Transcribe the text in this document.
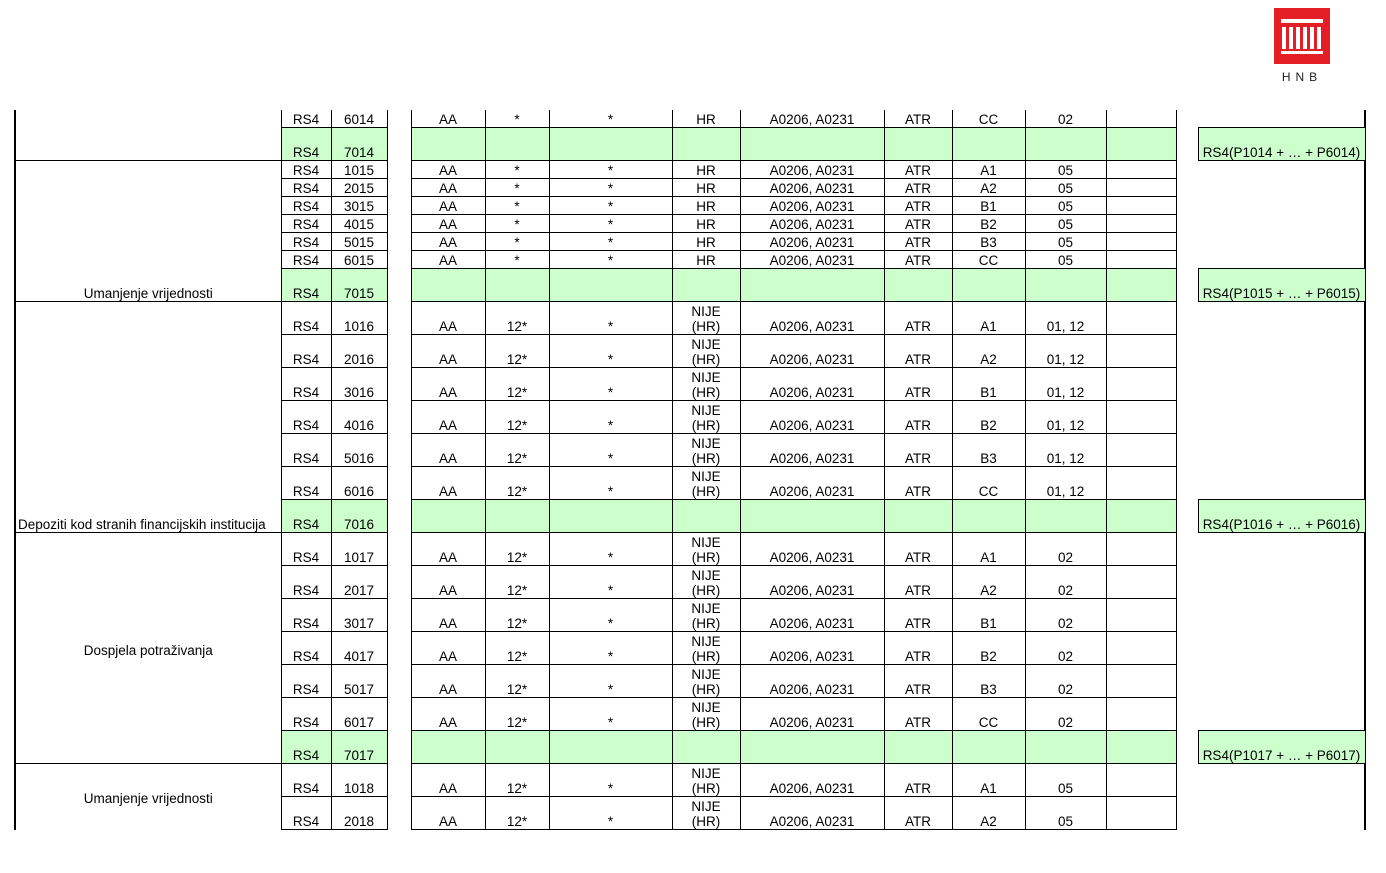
HNB
	RS4	6014		AA	*	*	HR	A0206, A0231	ATR	CC	02			
	RS4	7014												RS4(P1014 + … + P6014)
Umanjenje vrijednosti	RS4	1015		AA	*	*	HR	A0206, A0231	ATR	A1	05			
	RS4	2015		AA	*	*	HR	A0206, A0231	ATR	A2	05			
	RS4	3015		AA	*	*	HR	A0206, A0231	ATR	B1	05			
	RS4	4015		AA	*	*	HR	A0206, A0231	ATR	B2	05			
	RS4	5015		AA	*	*	HR	A0206, A0231	ATR	B3	05			
	RS4	6015		AA	*	*	HR	A0206, A0231	ATR	CC	05			
	RS4	7015												RS4(P1015 + … + P6015)
Depoziti kod stranih financijskih institucija	RS4	1016		AA	12*	*	NIJE
(HR)	A0206, A0231	ATR	A1	01, 12			
	RS4	2016		AA	12*	*	NIJE
(HR)	A0206, A0231	ATR	A2	01, 12			
	RS4	3016		AA	12*	*	NIJE
(HR)	A0206, A0231	ATR	B1	01, 12			
	RS4	4016		AA	12*	*	NIJE
(HR)	A0206, A0231	ATR	B2	01, 12			
	RS4	5016		AA	12*	*	NIJE
(HR)	A0206, A0231	ATR	B3	01, 12			
	RS4	6016		AA	12*	*	NIJE
(HR)	A0206, A0231	ATR	CC	01, 12			
	RS4	7016												RS4(P1016 + … + P6016)
Dospjela potraživanja	RS4	1017		AA	12*	*	NIJE
(HR)	A0206, A0231	ATR	A1	02			
	RS4	2017		AA	12*	*	NIJE
(HR)	A0206, A0231	ATR	A2	02			
	RS4	3017		AA	12*	*	NIJE
(HR)	A0206, A0231	ATR	B1	02			
	RS4	4017		AA	12*	*	NIJE
(HR)	A0206, A0231	ATR	B2	02			
	RS4	5017		AA	12*	*	NIJE
(HR)	A0206, A0231	ATR	B3	02			
	RS4	6017		AA	12*	*	NIJE
(HR)	A0206, A0231	ATR	CC	02			
	RS4	7017												RS4(P1017 + … + P6017)
Umanjenje vrijednosti	RS4	1018		AA	12*	*	NIJE
(HR)	A0206, A0231	ATR	A1	05			
	RS4	2018		AA	12*	*	NIJE
(HR)	A0206, A0231	ATR	A2	05			
